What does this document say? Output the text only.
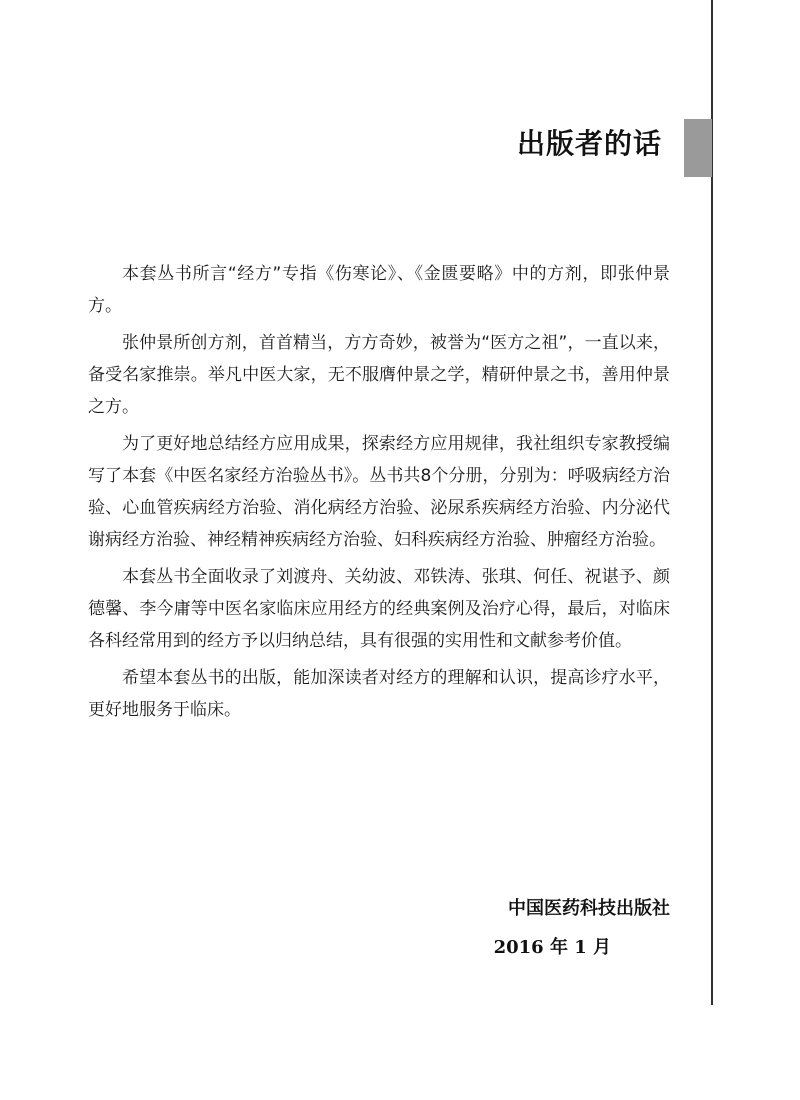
出版者的话

本套丛书所言“经方”专指《伤寒论》、《金匮要略》中的方剂，即张仲景方。

张仲景所创方剂，首首精当，方方奇妙，被誉为“医方之祖”，一直以来，备受名家推崇。举凡中医大家，无不服膺仲景之学，精研仲景之书，善用仲景之方。

为了更好地总结经方应用成果，探索经方应用规律，我社组织专家教授编写了本套《中医名家经方治验丛书》。丛书共8个分册，分别为：呼吸病经方治验、心血管疾病经方治验、消化病经方治验、泌尿系疾病经方治验、内分泌代谢病经方治验、神经精神疾病经方治验、妇科疾病经方治验、肿瘤经方治验。

本套丛书全面收录了刘渡舟、关幼波、邓铁涛、张琪、何任、祝谌予、颜德馨、李今庸等中医名家临床应用经方的经典案例及治疗心得，最后，对临床各科经常用到的经方予以归纳总结，具有很强的实用性和文献参考价值。

希望本套丛书的出版，能加深读者对经方的理解和认识，提高诊疗水平，更好地服务于临床。

中国医药科技出版社
2016 年 1 月
